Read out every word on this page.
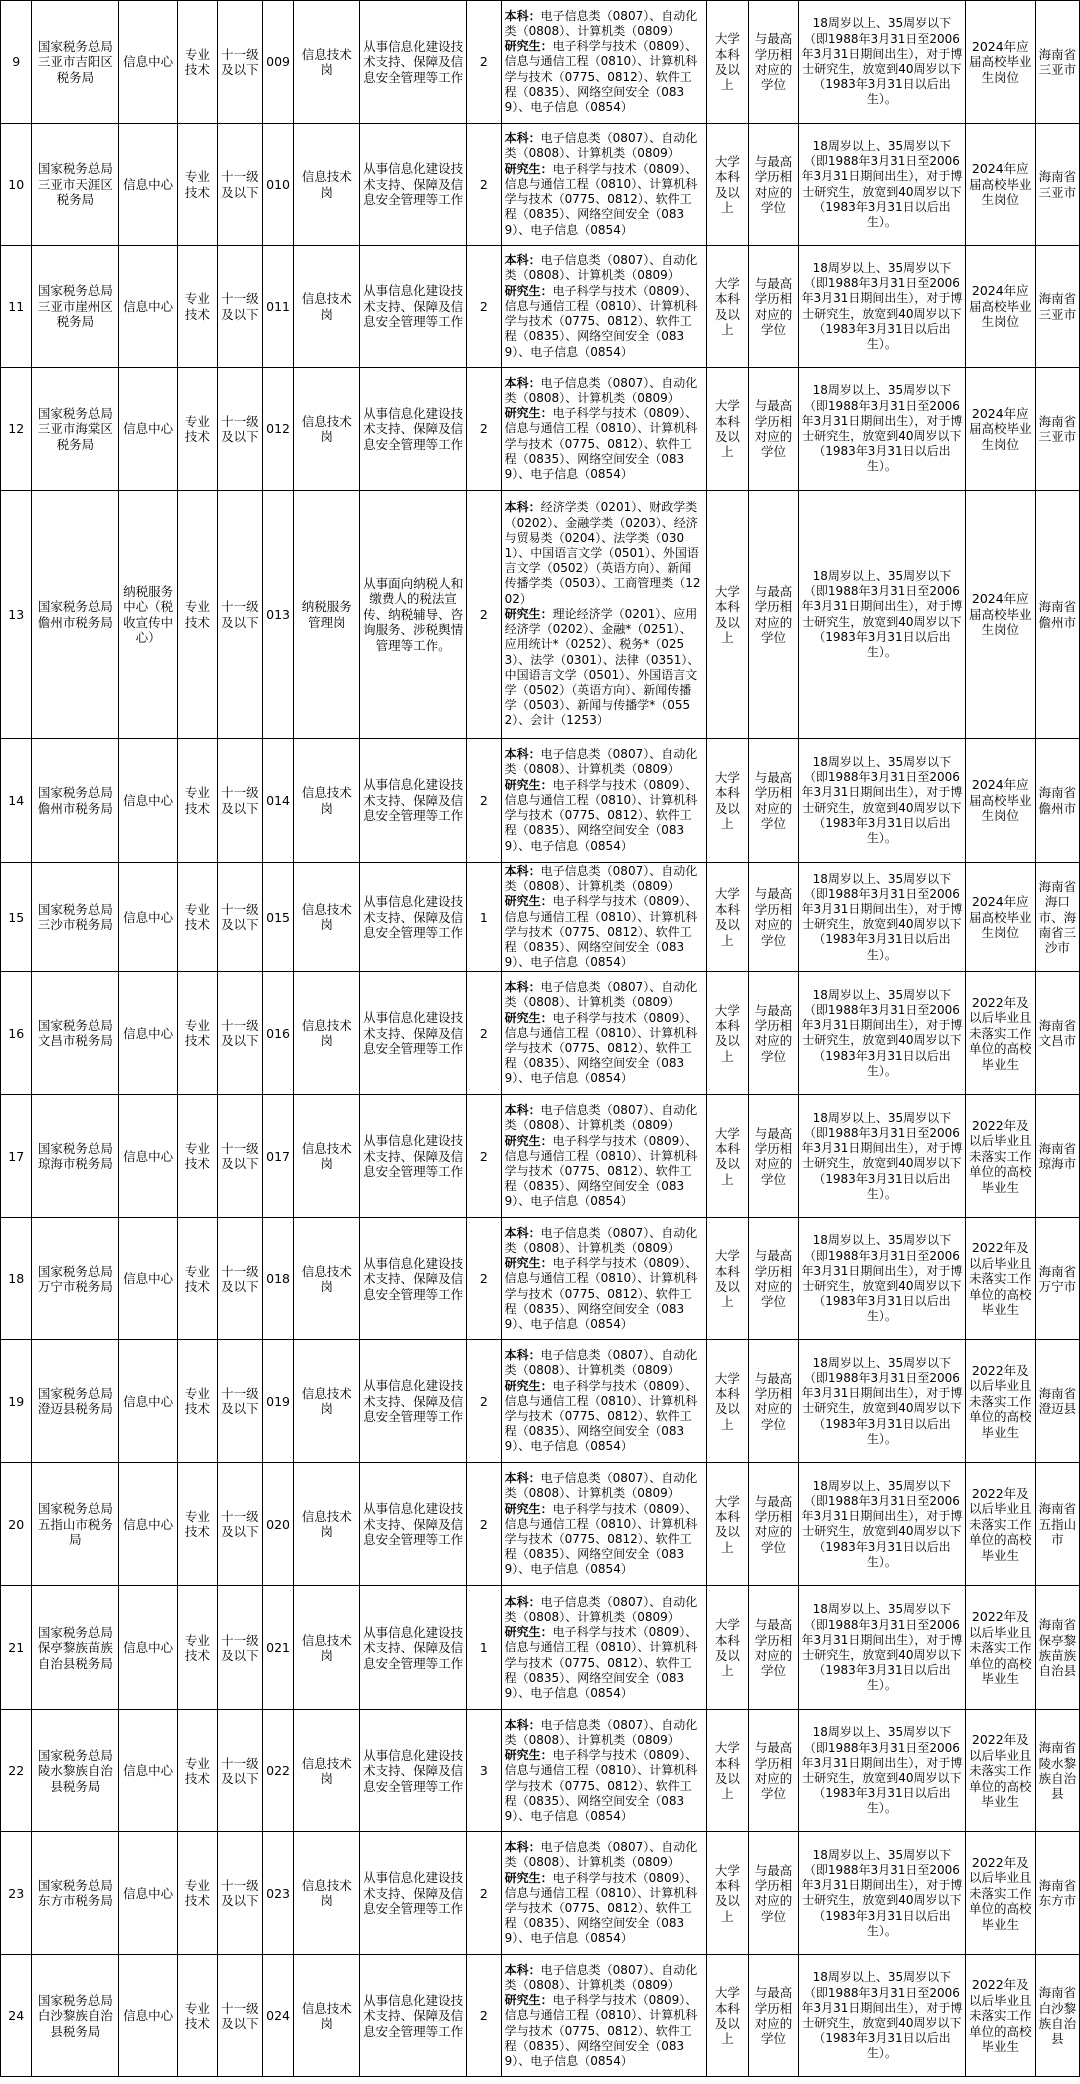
9	国家税务总局三亚市吉阳区税务局	信息中心	专业技术	十一级及以下	009	信息技术岗	从事信息化建设技术支持、保障及信息安全管理等工作	2	本科：电子信息类（0807）、自动化类（0808）、计算机类（0809）
研究生：电子科学与技术（0809）、信息与通信工程（0810）、计算机科学与技术（0775、0812）、软件工程（0835）、网络空间安全（0839）、电子信息（0854）	大学本科及以上	与最高学历相对应的学位	18周岁以上、35周岁以下（即1988年3月31日至2006年3月31日期间出生），对于博士研究生，放宽到40周岁以下（1983年3月31日以后出生）。	2024年应届高校毕业生岗位	海南省三亚市
10	国家税务总局三亚市天涯区税务局	信息中心	专业技术	十一级及以下	010	信息技术岗	从事信息化建设技术支持、保障及信息安全管理等工作	2	本科：电子信息类（0807）、自动化类（0808）、计算机类（0809）
研究生：电子科学与技术（0809）、信息与通信工程（0810）、计算机科学与技术（0775、0812）、软件工程（0835）、网络空间安全（0839）、电子信息（0854）	大学本科及以上	与最高学历相对应的学位	18周岁以上、35周岁以下（即1988年3月31日至2006年3月31日期间出生），对于博士研究生，放宽到40周岁以下（1983年3月31日以后出生）。	2024年应届高校毕业生岗位	海南省三亚市
11	国家税务总局三亚市崖州区税务局	信息中心	专业技术	十一级及以下	011	信息技术岗	从事信息化建设技术支持、保障及信息安全管理等工作	2	本科：电子信息类（0807）、自动化类（0808）、计算机类（0809）
研究生：电子科学与技术（0809）、信息与通信工程（0810）、计算机科学与技术（0775、0812）、软件工程（0835）、网络空间安全（0839）、电子信息（0854）	大学本科及以上	与最高学历相对应的学位	18周岁以上、35周岁以下（即1988年3月31日至2006年3月31日期间出生），对于博士研究生，放宽到40周岁以下（1983年3月31日以后出生）。	2024年应届高校毕业生岗位	海南省三亚市
12	国家税务总局三亚市海棠区税务局	信息中心	专业技术	十一级及以下	012	信息技术岗	从事信息化建设技术支持、保障及信息安全管理等工作	2	本科：电子信息类（0807）、自动化类（0808）、计算机类（0809）
研究生：电子科学与技术（0809）、信息与通信工程（0810）、计算机科学与技术（0775、0812）、软件工程（0835）、网络空间安全（0839）、电子信息（0854）	大学本科及以上	与最高学历相对应的学位	18周岁以上、35周岁以下（即1988年3月31日至2006年3月31日期间出生），对于博士研究生，放宽到40周岁以下（1983年3月31日以后出生）。	2024年应届高校毕业生岗位	海南省三亚市
13	国家税务总局儋州市税务局	纳税服务中心（税收宣传中心）	专业技术	十一级及以下	013	纳税服务管理岗	从事面向纳税人和缴费人的税法宣传、纳税辅导、咨询服务、涉税舆情管理等工作。	2	本科：经济学类（0201）、财政学类（0202）、金融学类（0203）、经济与贸易类（0204）、法学类（0301）、中国语言文学（0501）、外国语言文学（0502）（英语方向）、新闻传播学类（0503）、工商管理类（1202）
研究生：理论经济学（0201）、应用经济学（0202）、金融*（0251）、应用统计*（0252）、税务*（0253）、法学（0301）、法律（0351）、中国语言文学（0501）、外国语言文学（0502）（英语方向）、新闻传播学（0503）、新闻与传播学*（0552）、会计（1253）	大学本科及以上	与最高学历相对应的学位	18周岁以上、35周岁以下（即1988年3月31日至2006年3月31日期间出生），对于博士研究生，放宽到40周岁以下（1983年3月31日以后出生）。	2024年应届高校毕业生岗位	海南省儋州市
14	国家税务总局儋州市税务局	信息中心	专业技术	十一级及以下	014	信息技术岗	从事信息化建设技术支持、保障及信息安全管理等工作	2	本科：电子信息类（0807）、自动化类（0808）、计算机类（0809）
研究生：电子科学与技术（0809）、信息与通信工程（0810）、计算机科学与技术（0775、0812）、软件工程（0835）、网络空间安全（0839）、电子信息（0854）	大学本科及以上	与最高学历相对应的学位	18周岁以上、35周岁以下（即1988年3月31日至2006年3月31日期间出生），对于博士研究生，放宽到40周岁以下（1983年3月31日以后出生）。	2024年应届高校毕业生岗位	海南省儋州市
15	国家税务总局三沙市税务局	信息中心	专业技术	十一级及以下	015	信息技术岗	从事信息化建设技术支持、保障及信息安全管理等工作	1	本科：电子信息类（0807）、自动化类（0808）、计算机类（0809）
研究生：电子科学与技术（0809）、信息与通信工程（0810）、计算机科学与技术（0775、0812）、软件工程（0835）、网络空间安全（0839）、电子信息（0854）	大学本科及以上	与最高学历相对应的学位	18周岁以上、35周岁以下（即1988年3月31日至2006年3月31日期间出生），对于博士研究生，放宽到40周岁以下（1983年3月31日以后出生）。	2024年应届高校毕业生岗位	海南省海口市、海南省三沙市
16	国家税务总局文昌市税务局	信息中心	专业技术	十一级及以下	016	信息技术岗	从事信息化建设技术支持、保障及信息安全管理等工作	2	本科：电子信息类（0807）、自动化类（0808）、计算机类（0809）
研究生：电子科学与技术（0809）、信息与通信工程（0810）、计算机科学与技术（0775、0812）、软件工程（0835）、网络空间安全（0839）、电子信息（0854）	大学本科及以上	与最高学历相对应的学位	18周岁以上、35周岁以下（即1988年3月31日至2006年3月31日期间出生），对于博士研究生，放宽到40周岁以下（1983年3月31日以后出生）。	2022年及以后毕业且未落实工作单位的高校毕业生	海南省文昌市
17	国家税务总局琼海市税务局	信息中心	专业技术	十一级及以下	017	信息技术岗	从事信息化建设技术支持、保障及信息安全管理等工作	2	本科：电子信息类（0807）、自动化类（0808）、计算机类（0809）
研究生：电子科学与技术（0809）、信息与通信工程（0810）、计算机科学与技术（0775、0812）、软件工程（0835）、网络空间安全（0839）、电子信息（0854）	大学本科及以上	与最高学历相对应的学位	18周岁以上、35周岁以下（即1988年3月31日至2006年3月31日期间出生），对于博士研究生，放宽到40周岁以下（1983年3月31日以后出生）。	2022年及以后毕业且未落实工作单位的高校毕业生	海南省琼海市
18	国家税务总局万宁市税务局	信息中心	专业技术	十一级及以下	018	信息技术岗	从事信息化建设技术支持、保障及信息安全管理等工作	2	本科：电子信息类（0807）、自动化类（0808）、计算机类（0809）
研究生：电子科学与技术（0809）、信息与通信工程（0810）、计算机科学与技术（0775、0812）、软件工程（0835）、网络空间安全（0839）、电子信息（0854）	大学本科及以上	与最高学历相对应的学位	18周岁以上、35周岁以下（即1988年3月31日至2006年3月31日期间出生），对于博士研究生，放宽到40周岁以下（1983年3月31日以后出生）。	2022年及以后毕业且未落实工作单位的高校毕业生	海南省万宁市
19	国家税务总局澄迈县税务局	信息中心	专业技术	十一级及以下	019	信息技术岗	从事信息化建设技术支持、保障及信息安全管理等工作	2	本科：电子信息类（0807）、自动化类（0808）、计算机类（0809）
研究生：电子科学与技术（0809）、信息与通信工程（0810）、计算机科学与技术（0775、0812）、软件工程（0835）、网络空间安全（0839）、电子信息（0854）	大学本科及以上	与最高学历相对应的学位	18周岁以上、35周岁以下（即1988年3月31日至2006年3月31日期间出生），对于博士研究生，放宽到40周岁以下（1983年3月31日以后出生）。	2022年及以后毕业且未落实工作单位的高校毕业生	海南省澄迈县
20	国家税务总局五指山市税务局	信息中心	专业技术	十一级及以下	020	信息技术岗	从事信息化建设技术支持、保障及信息安全管理等工作	2	本科：电子信息类（0807）、自动化类（0808）、计算机类（0809）
研究生：电子科学与技术（0809）、信息与通信工程（0810）、计算机科学与技术（0775、0812）、软件工程（0835）、网络空间安全（0839）、电子信息（0854）	大学本科及以上	与最高学历相对应的学位	18周岁以上、35周岁以下（即1988年3月31日至2006年3月31日期间出生），对于博士研究生，放宽到40周岁以下（1983年3月31日以后出生）。	2022年及以后毕业且未落实工作单位的高校毕业生	海南省五指山市
21	国家税务总局保亭黎族苗族自治县税务局	信息中心	专业技术	十一级及以下	021	信息技术岗	从事信息化建设技术支持、保障及信息安全管理等工作	1	本科：电子信息类（0807）、自动化类（0808）、计算机类（0809）
研究生：电子科学与技术（0809）、信息与通信工程（0810）、计算机科学与技术（0775、0812）、软件工程（0835）、网络空间安全（0839）、电子信息（0854）	大学本科及以上	与最高学历相对应的学位	18周岁以上、35周岁以下（即1988年3月31日至2006年3月31日期间出生），对于博士研究生，放宽到40周岁以下（1983年3月31日以后出生）。	2022年及以后毕业且未落实工作单位的高校毕业生	海南省保亭黎族苗族自治县
22	国家税务总局陵水黎族自治县税务局	信息中心	专业技术	十一级及以下	022	信息技术岗	从事信息化建设技术支持、保障及信息安全管理等工作	3	本科：电子信息类（0807）、自动化类（0808）、计算机类（0809）
研究生：电子科学与技术（0809）、信息与通信工程（0810）、计算机科学与技术（0775、0812）、软件工程（0835）、网络空间安全（0839）、电子信息（0854）	大学本科及以上	与最高学历相对应的学位	18周岁以上、35周岁以下（即1988年3月31日至2006年3月31日期间出生），对于博士研究生，放宽到40周岁以下（1983年3月31日以后出生）。	2022年及以后毕业且未落实工作单位的高校毕业生	海南省陵水黎族自治县
23	国家税务总局东方市税务局	信息中心	专业技术	十一级及以下	023	信息技术岗	从事信息化建设技术支持、保障及信息安全管理等工作	2	本科：电子信息类（0807）、自动化类（0808）、计算机类（0809）
研究生：电子科学与技术（0809）、信息与通信工程（0810）、计算机科学与技术（0775、0812）、软件工程（0835）、网络空间安全（0839）、电子信息（0854）	大学本科及以上	与最高学历相对应的学位	18周岁以上、35周岁以下（即1988年3月31日至2006年3月31日期间出生），对于博士研究生，放宽到40周岁以下（1983年3月31日以后出生）。	2022年及以后毕业且未落实工作单位的高校毕业生	海南省东方市
24	国家税务总局白沙黎族自治县税务局	信息中心	专业技术	十一级及以下	024	信息技术岗	从事信息化建设技术支持、保障及信息安全管理等工作	2	本科：电子信息类（0807）、自动化类（0808）、计算机类（0809）
研究生：电子科学与技术（0809）、信息与通信工程（0810）、计算机科学与技术（0775、0812）、软件工程（0835）、网络空间安全（0839）、电子信息（0854）	大学本科及以上	与最高学历相对应的学位	18周岁以上、35周岁以下（即1988年3月31日至2006年3月31日期间出生），对于博士研究生，放宽到40周岁以下（1983年3月31日以后出生）。	2022年及以后毕业且未落实工作单位的高校毕业生	海南省白沙黎族自治县
